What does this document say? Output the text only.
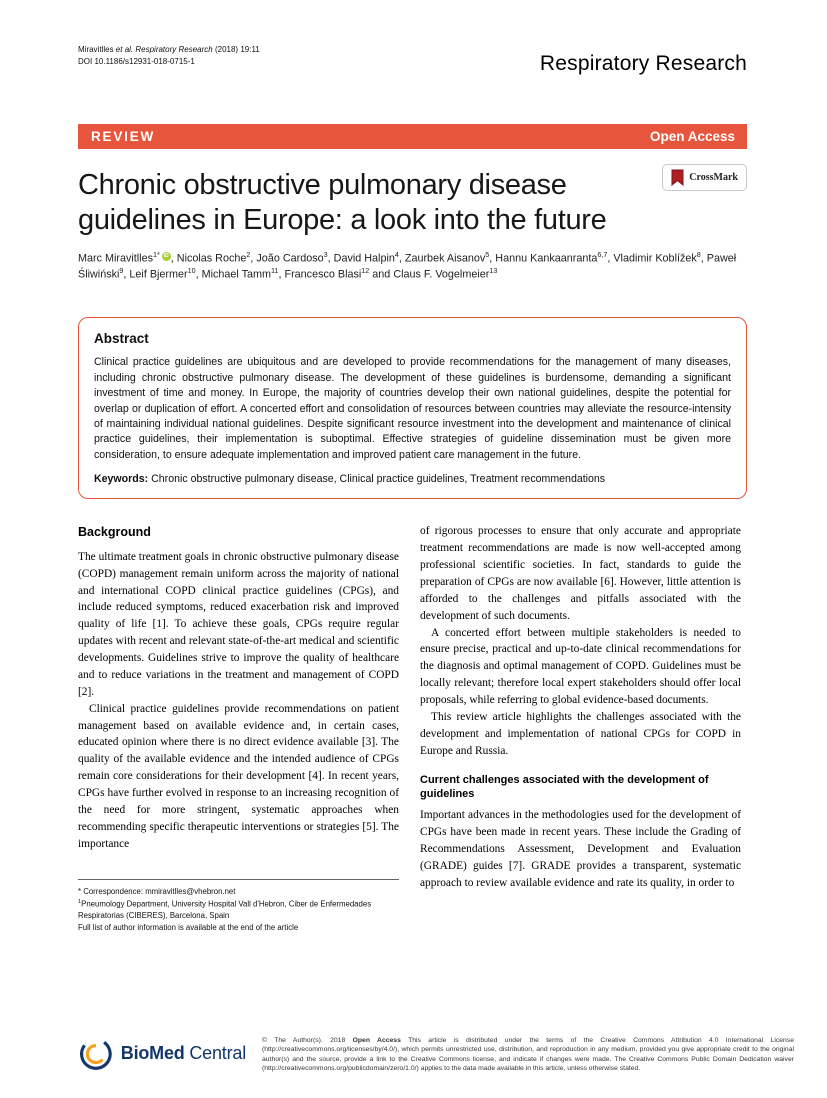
Miravitlles et al. Respiratory Research (2018) 19:11
DOI 10.1186/s12931-018-0715-1	Respiratory Research
REVIEW	Open Access
Chronic obstructive pulmonary disease guidelines in Europe: a look into the future
CrossMark

Marc Miravitlles$^{1*}$ iD , Nicolas Roche$^2$, João Cardoso$^3$, David Halpin$^4$, Zaurbek Aisanov$^5$, Hannu Kankaanranta$^{6,7}$, Vladimir Koblížek$^8$, Paweł Śliwiński$^9$, Leif Bjermer$^{10}$, Michael Tamm$^{11}$, Francesco Blasi$^{12}$ and Claus F. Vogelmeier$^{13}$

Abstract

Clinical practice guidelines are ubiquitous and are developed to provide recommendations for the management of many diseases, including chronic obstructive pulmonary disease. The development of these guidelines is burdensome, demanding a significant investment of time and money. In Europe, the majority of countries develop their own national guidelines, despite the potential for overlap or duplication of effort. A concerted effort and consolidation of resources between countries may alleviate the resource-intensity of maintaining individual national guidelines. Despite significant resource investment into the development and maintenance of clinical practice guidelines, their implementation is suboptimal. Effective strategies of guideline dissemination must be given more consideration, to ensure adequate implementation and improved patient care management in the future.

Keywords: Chronic obstructive pulmonary disease, Clinical practice guidelines, Treatment recommendations

Background

The ultimate treatment goals in chronic obstructive pulmonary disease (COPD) management remain uniform across the majority of national and international COPD clinical practice guidelines (CPGs), and include reduced symptoms, reduced exacerbation risk and improved quality of life [1]. To achieve these goals, CPGs require regular updates with recent and relevant state-of-the-art medical and scientific developments. Guidelines strive to improve the quality of healthcare and to reduce variations in the treatment and management of COPD [2].

Clinical practice guidelines provide recommendations on patient management based on available evidence and, in certain cases, educated opinion where there is no direct evidence available [3]. The quality of the available evidence and the intended audience of CPGs remain core considerations for their development [4]. In recent years, CPGs have further evolved in response to an increasing recognition of the need for more stringent, systematic approaches when recommending specific therapeutic interventions or strategies [5]. The importance

* Correspondence: mmiravitlles@vhebron.net
$^1$Pneumology Department, University Hospital Vall d'Hebron, Ciber de Enfermedades Respiratorias (CIBERES), Barcelona, Spain
Full list of author information is available at the end of the article

of rigorous processes to ensure that only accurate and appropriate treatment recommendations are made is now well-accepted among professional scientific societies. In fact, standards to guide the preparation of CPGs are now available [6]. However, little attention is afforded to the challenges and pitfalls associated with the development of such documents.

A concerted effort between multiple stakeholders is needed to ensure precise, practical and up-to-date clinical recommendations for the diagnosis and optimal management of COPD. Guidelines must be locally relevant; therefore local expert stakeholders should offer local proposals, while referring to global evidence-based documents.

This review article highlights the challenges associated with the development and implementation of national CPGs for COPD in Europe and Russia.

Current challenges associated with the development of guidelines

Important advances in the methodologies used for the development of CPGs have been made in recent years. These include the Grading of Recommendations Assessment, Development and Evaluation (GRADE) guides [7]. GRADE provides a transparent, systematic approach to review available evidence and rate its quality, in order to

BioMed Central

© The Author(s). 2018 Open Access This article is distributed under the terms of the Creative Commons Attribution 4.0 International License (http://creativecommons.org/licenses/by/4.0/), which permits unrestricted use, distribution, and reproduction in any medium, provided you give appropriate credit to the original author(s) and the source, provide a link to the Creative Commons license, and indicate if changes were made. The Creative Commons Public Domain Dedication waiver (http://creativecommons.org/publicdomain/zero/1.0/) applies to the data made available in this article, unless otherwise stated.
